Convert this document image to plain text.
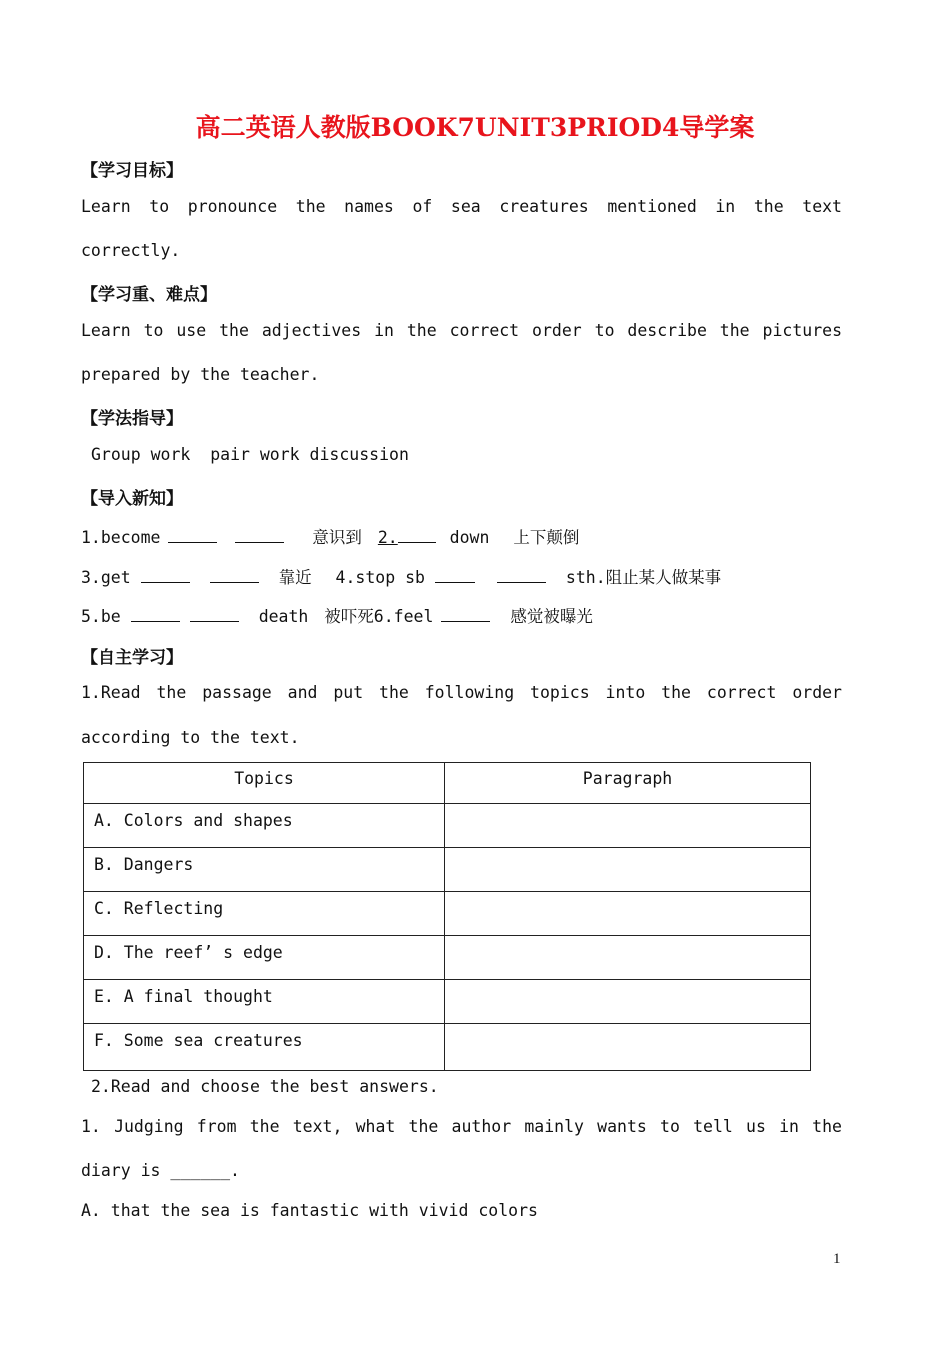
高二英语人教版BOOK7UNIT3PRIOD4导学案
【学习目标】
Learn to pronounce the names of sea creatures mentioned in the text
correctly.
【学习重、难点】
Learn to use the adjectives in the correct order to describe the pictures
prepared by the teacher.
【学法指导】
Group work  pair work discussion
【导入新知】
1.become	意识到 2.	down 上下颠倒
3.get	靠近 4.stop sb	sth.阻止某人做某事
5.be	death 被吓死6.feel	感觉被曝光
【自主学习】
1.Read the passage and put the following topics into the correct order
according to the text.
Topics	Paragraph
A. Colors and shapes	
B. Dangers	
C. Reflecting	
D. The reef’ s edge	
E. A final thought	
F. Some sea creatures	
2.Read and choose the best answers.
1. Judging from the text, what the author mainly wants to tell us in the
diary is ______.
A. that the sea is fantastic with vivid colors
1
